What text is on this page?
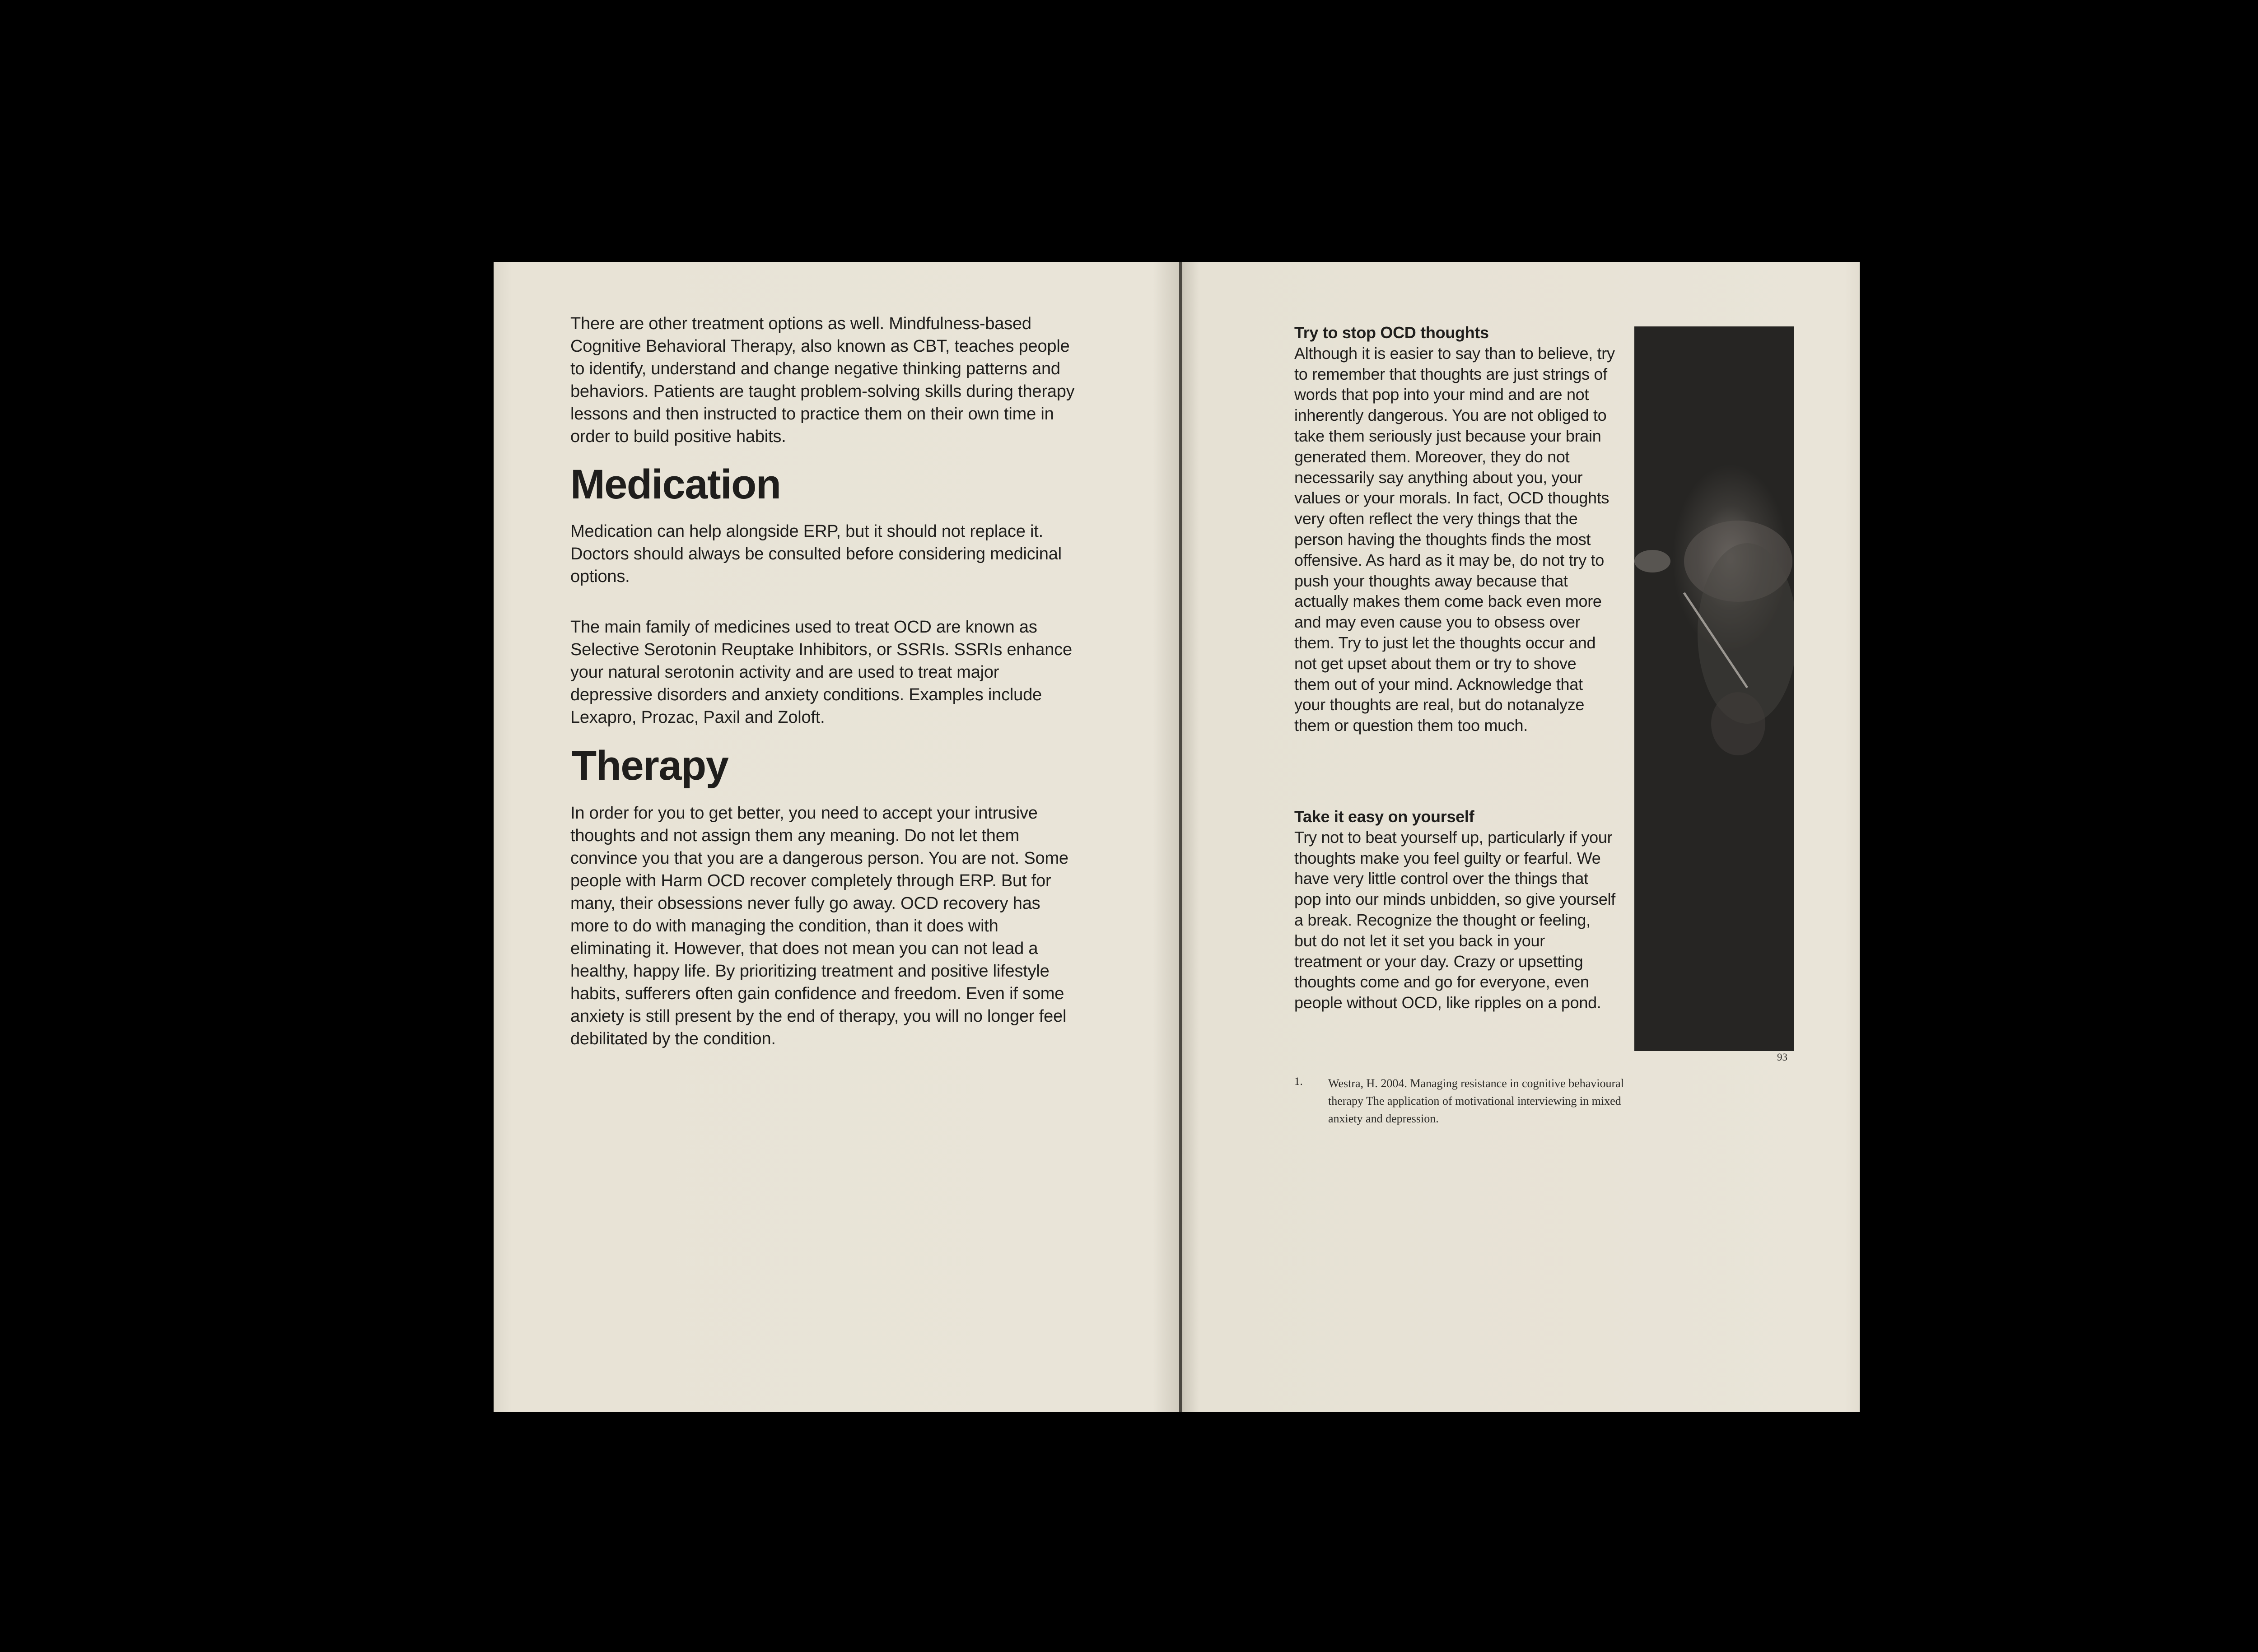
There are other treatment options as well. Mindfulness-based Cognitive Behavioral Therapy, also known as CBT, teaches people to identify, understand and change negative thinking patterns and behaviors. Patients are taught problem-solving skills during therapy lessons and then instructed to practice them on their own time in order to build positive habits.

Medication

Medication can help alongside ERP, but it should not replace it. Doctors should always be consulted before considering medicinal options.

The main family of medicines used to treat OCD are known as Selective Serotonin Reuptake Inhibitors, or SSRIs. SSRIs enhance your natural serotonin activity and are used to treat major depressive disorders and anxiety conditions. Examples include Lexapro, Prozac, Paxil and Zoloft.

Therapy

In order for you to get better, you need to accept your intrusive thoughts and not assign them any meaning. Do not let them convince you that you are a dangerous person. You are not. Some people with Harm OCD recover completely through ERP. But for many, their obsessions never fully go away. OCD recovery has more to do with managing the condition, than it does with eliminating it. However, that does not mean you can not lead a healthy, happy life. By prioritizing treatment and positive lifestyle habits, sufferers often gain confidence and freedom. Even if some anxiety is still present by the end of therapy, you will no longer feel debilitated by the condition.

Try to stop OCD thoughts
Although it is easier to say than to believe, try to remember that thoughts are just strings of words that pop into your mind and are not inherently dangerous. You are not obliged to take them seriously just because your brain generated them. Moreover, they do not necessarily say anything about you, your values or your morals. In fact, OCD thoughts very often reflect the very things that the person having the thoughts finds the most offensive. As hard as it may be, do not try to push your thoughts away because that actually makes them come back even more and may even cause you to obsess over them. Try to just let the thoughts occur and not get upset about them or try to shove them out of your mind. Acknowledge that your thoughts are real, but do notanalyze them or question them too much.
Take it easy on yourself
Try not to beat yourself up, particularly if your thoughts make you feel guilty or fearful. We have very little control over the things that pop into our minds unbidden, so give yourself a break. Recognize the thought or feeling, but do not let it set you back in your treatment or your day. Crazy or upsetting thoughts come and go for everyone, even people without OCD, like ripples on a pond.
93
1. Westra, H. 2004. Managing resistance in cognitive behavioural therapy The application of motivational interviewing in mixed anxiety and depression.
